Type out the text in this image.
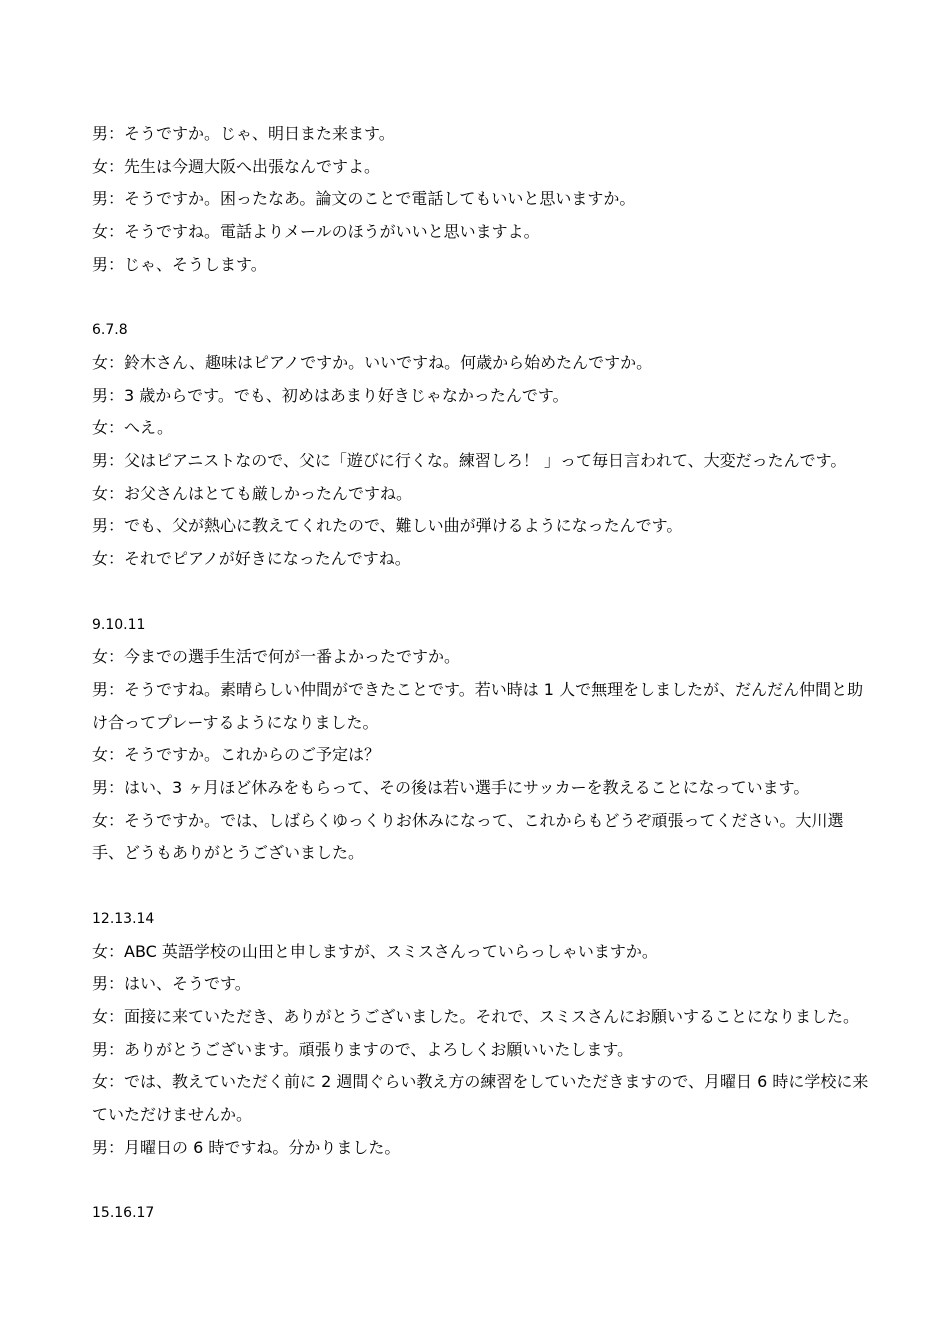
男：そうですか。じゃ、明日また来ます。
女：先生は今週大阪へ出張なんですよ。
男：そうですか。困ったなあ。論文のことで電話してもいいと思いますか。
女：そうですね。電話よりメールのほうがいいと思いますよ。
男：じゃ、そうします。
6.7.8
女：鈴木さん、趣味はピアノですか。いいですね。何歳から始めたんですか。
男：3 歳からです。でも、初めはあまり好きじゃなかったんです。
女：へえ。
男：父はピアニストなので、父に「遊びに行くな。練習しろ！ 」って毎日言われて、大変だったんです。
女：お父さんはとても厳しかったんですね。
男：でも、父が熱心に教えてくれたので、難しい曲が弾けるようになったんです。
女：それでピアノが好きになったんですね。
9.10.11
女：今までの選手生活で何が一番よかったですか。
男：そうですね。素晴らしい仲間ができたことです。若い時は 1 人で無理をしましたが、だんだん仲間と助け合ってプレーするようになりました。
女：そうですか。これからのご予定は？
男：はい、3 ヶ月ほど休みをもらって、その後は若い選手にサッカーを教えることになっています。
女：そうですか。では、しばらくゆっくりお休みになって、これからもどうぞ頑張ってください。大川選手、どうもありがとうございました。
12.13.14
女：ABC 英語学校の山田と申しますが、スミスさんっていらっしゃいますか。
男：はい、そうです。
女：面接に来ていただき、ありがとうございました。それで、スミスさんにお願いすることになりました。
男：ありがとうございます。頑張りますので、よろしくお願いいたします。
女：では、教えていただく前に 2 週間ぐらい教え方の練習をしていただきますので、月曜日 6 時に学校に来ていただけませんか。
男：月曜日の 6 時ですね。分かりました。
15.16.17
